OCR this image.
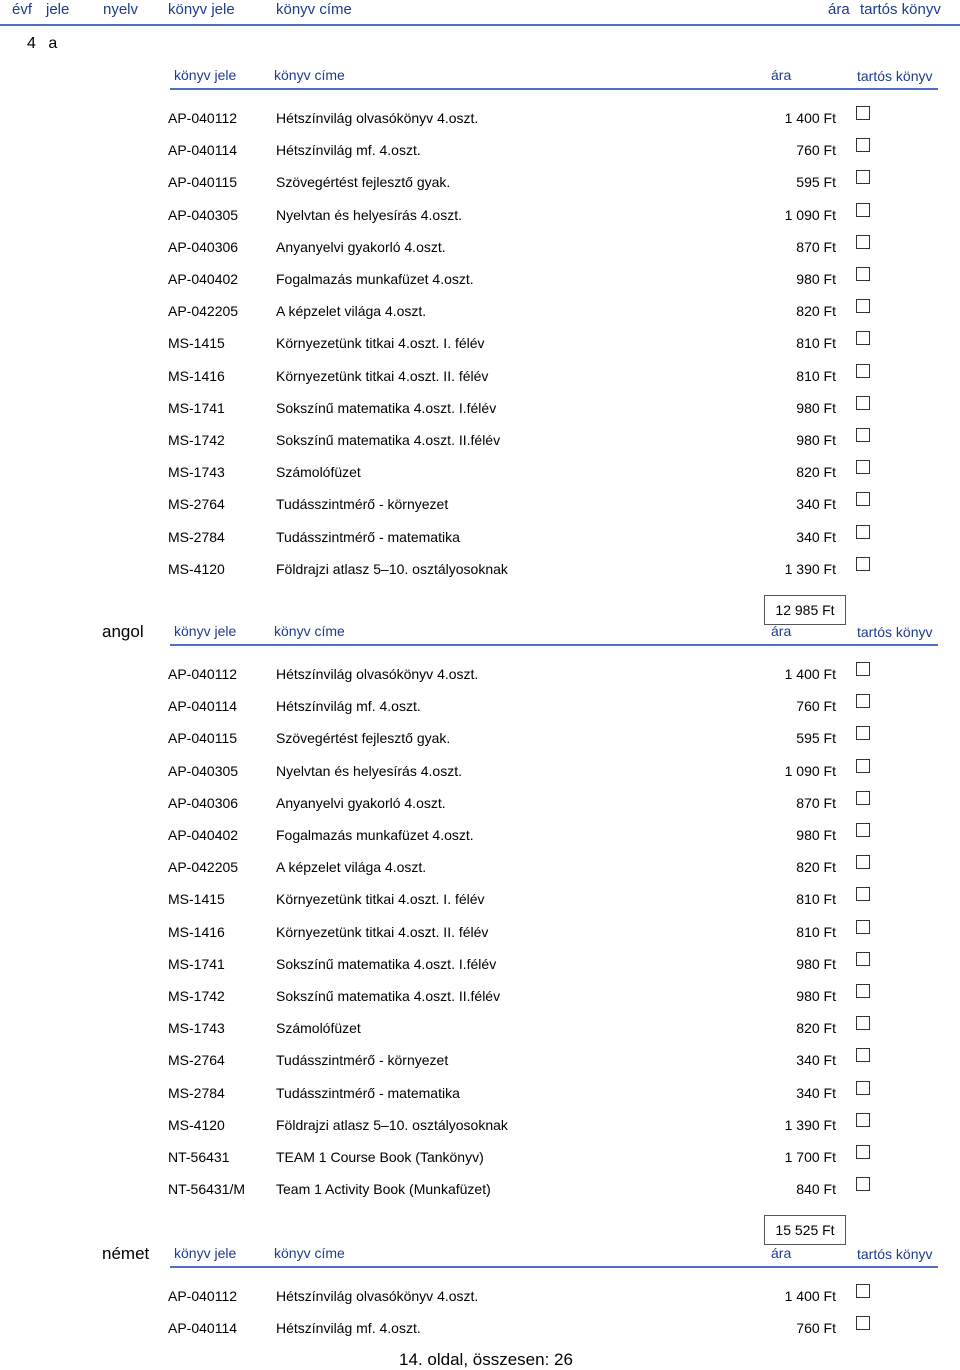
évf jele nyelv könyv jele	könyv címe	ára tartós könyv
4 a
könyv jele	könyv címe	ára	tartós könyv
AP-040112	Hétszínvilág olvasókönyv 4.oszt.	1 400 Ft
AP-040114	Hétszínvilág mf. 4.oszt.	760 Ft
AP-040115	Szövegértést fejlesztő gyak.	595 Ft
AP-040305	Nyelvtan és helyesírás 4.oszt.	1 090 Ft
AP-040306	Anyanyelvi gyakorló 4.oszt.	870 Ft
AP-040402	Fogalmazás munkafüzet 4.oszt.	980 Ft
AP-042205	A képzelet világa 4.oszt.	820 Ft
MS-1415	Környezetünk titkai 4.oszt. I. félév	810 Ft
MS-1416	Környezetünk titkai 4.oszt. II. félév	810 Ft
MS-1741	Sokszínű matematika 4.oszt. I.félév	980 Ft
MS-1742	Sokszínű matematika 4.oszt. II.félév	980 Ft
MS-1743	Számolófüzet	820 Ft
MS-2764	Tudásszintmérő - környezet	340 Ft
MS-2784	Tudásszintmérő - matematika	340 Ft
MS-4120	Földrajzi atlasz 5–10. osztályosoknak	1 390 Ft
12 985 Ft
angol könyv jele	könyv címe	ára	tartós könyv
AP-040112	Hétszínvilág olvasókönyv 4.oszt.	1 400 Ft
AP-040114	Hétszínvilág mf. 4.oszt.	760 Ft
AP-040115	Szövegértést fejlesztő gyak.	595 Ft
AP-040305	Nyelvtan és helyesírás 4.oszt.	1 090 Ft
AP-040306	Anyanyelvi gyakorló 4.oszt.	870 Ft
AP-040402	Fogalmazás munkafüzet 4.oszt.	980 Ft
AP-042205	A képzelet világa 4.oszt.	820 Ft
MS-1415	Környezetünk titkai 4.oszt. I. félév	810 Ft
MS-1416	Környezetünk titkai 4.oszt. II. félév	810 Ft
MS-1741	Sokszínű matematika 4.oszt. I.félév	980 Ft
MS-1742	Sokszínű matematika 4.oszt. II.félév	980 Ft
MS-1743	Számolófüzet	820 Ft
MS-2764	Tudásszintmérő - környezet	340 Ft
MS-2784	Tudásszintmérő - matematika	340 Ft
MS-4120	Földrajzi atlasz 5–10. osztályosoknak	1 390 Ft
NT-56431	TEAM 1 Course Book (Tankönyv)	1 700 Ft
NT-56431/M Team 1 Activity Book (Munkafüzet)	840 Ft
15 525 Ft
német könyv jele	könyv címe	ára	tartós könyv
AP-040112	Hétszínvilág olvasókönyv 4.oszt.	1 400 Ft
AP-040114	Hétszínvilág mf. 4.oszt.	760 Ft
14. oldal, összesen: 26
